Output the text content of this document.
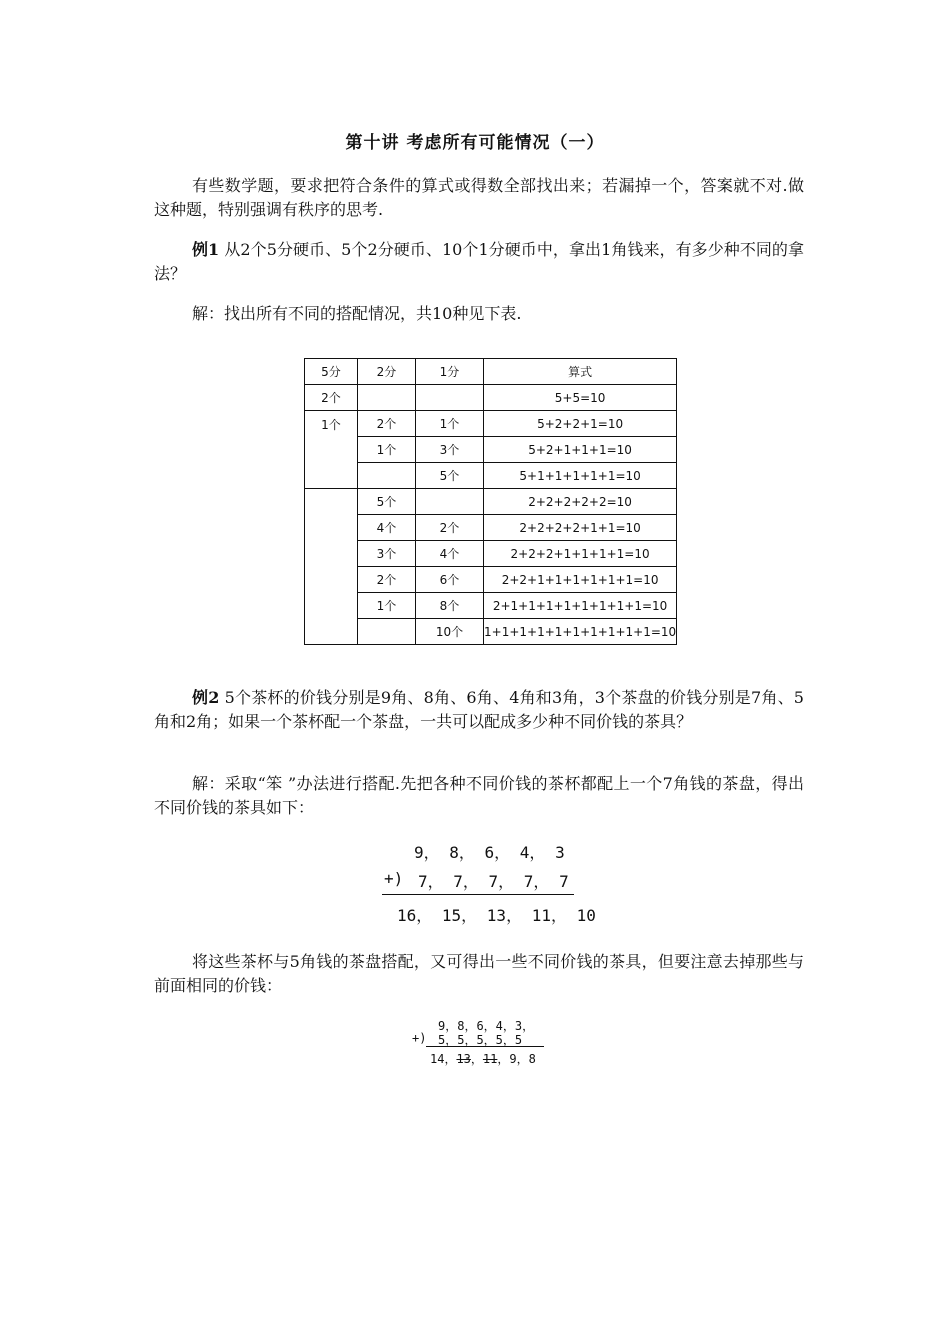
第十讲 考虑所有可能情况（一）
有些数学题，要求把符合条件的算式或得数全部找出来；若漏掉一个，答案就不对.做这种题，特别强调有秩序的思考.
例1 从2个5分硬币、5个2分硬币、10个1分硬币中，拿出1角钱来，有多少种不同的拿法？
解：找出所有不同的搭配情况，共10种见下表.
5分	2分	1分	算式
2个			5+5=10
1个	2个	1个	5+2+2+1=10
	1个	3个	5+2+1+1+1=10
		5个	5+1+1+1+1+1=10
	5个		2+2+2+2+2=10
	4个	2个	2+2+2+2+1+1=10
	3个	4个	2+2+2+1+1+1+1=10
	2个	6个	2+2+1+1+1+1+1+1=10
	1个	8个	2+1+1+1+1+1+1+1+1=10
		10个	1+1+1+1+1+1+1+1+1+1=10
例2 5个茶杯的价钱分别是9角、8角、6角、4角和3角，3个茶盘的价钱分别是7角、5角和2角；如果一个茶杯配一个茶盘，一共可以配成多少种不同价钱的茶具？
解：采取“笨 ”办法进行搭配.先把各种不同价钱的茶杯都配上一个7角钱的茶盘，得出不同价钱的茶具如下：
9， 8， 6， 4， 3
+) 7， 7， 7， 7， 7
16， 15， 13， 11， 10
将这些茶杯与5角钱的茶盘搭配，又可得出一些不同价钱的茶具，但要注意去掉那些与前面相同的价钱：
9，8，6，4，3，
+) 5，5，5，5，5
14，13，11，9，8
